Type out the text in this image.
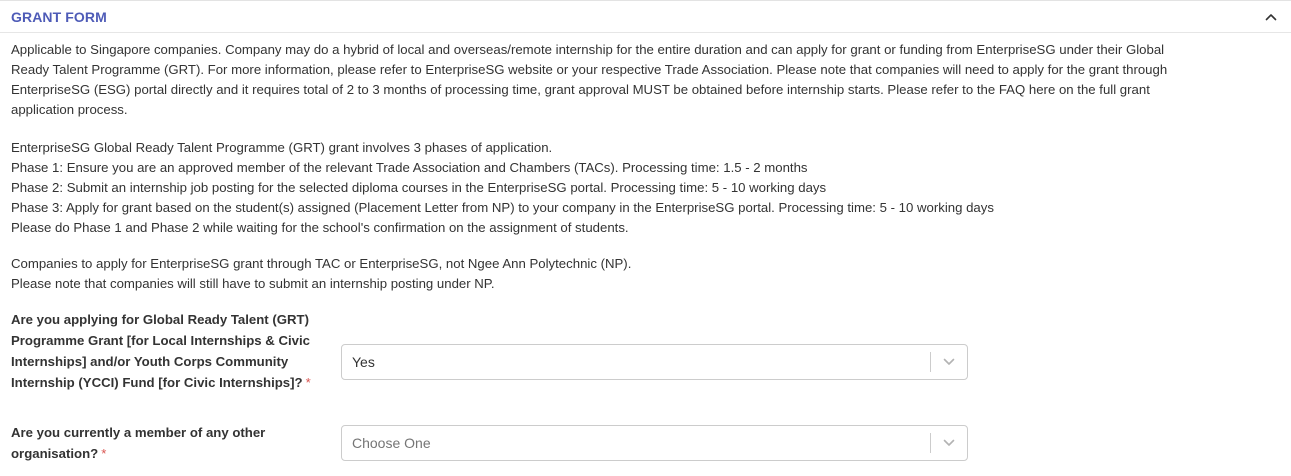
GRANT FORM

Applicable to Singapore companies. Company may do a hybrid of local and overseas/remote internship for the entire duration and can apply for grant or funding from EnterpriseSG under their Global
Ready Talent Programme (GRT). For more information, please refer to EnterpriseSG website or your respective Trade Association. Please note that companies will need to apply for the grant through
EnterpriseSG (ESG) portal directly and it requires total of 2 to 3 months of processing time, grant approval MUST be obtained before internship starts. Please refer to the FAQ here on the full grant
application process.

EnterpriseSG Global Ready Talent Programme (GRT) grant involves 3 phases of application.
Phase 1: Ensure you are an approved member of the relevant Trade Association and Chambers (TACs). Processing time: 1.5 - 2 months
Phase 2: Submit an internship job posting for the selected diploma courses in the EnterpriseSG portal. Processing time: 5 - 10 working days
Phase 3: Apply for grant based on the student(s) assigned (Placement Letter from NP) to your company in the EnterpriseSG portal. Processing time: 5 - 10 working days
Please do Phase 1 and Phase 2 while waiting for the school's confirmation on the assignment of students.

Companies to apply for EnterpriseSG grant through TAC or EnterpriseSG, not Ngee Ann Polytechnic (NP).
Please note that companies will still have to submit an internship posting under NP.

Are you applying for Global Ready Talent (GRT) Programme Grant [for Local Internships & Civic Internships] and/or Youth Corps Community Internship (YCCI) Fund [for Civic Internships]? *
Yes
Are you currently a member of any other organisation? *
Choose One
